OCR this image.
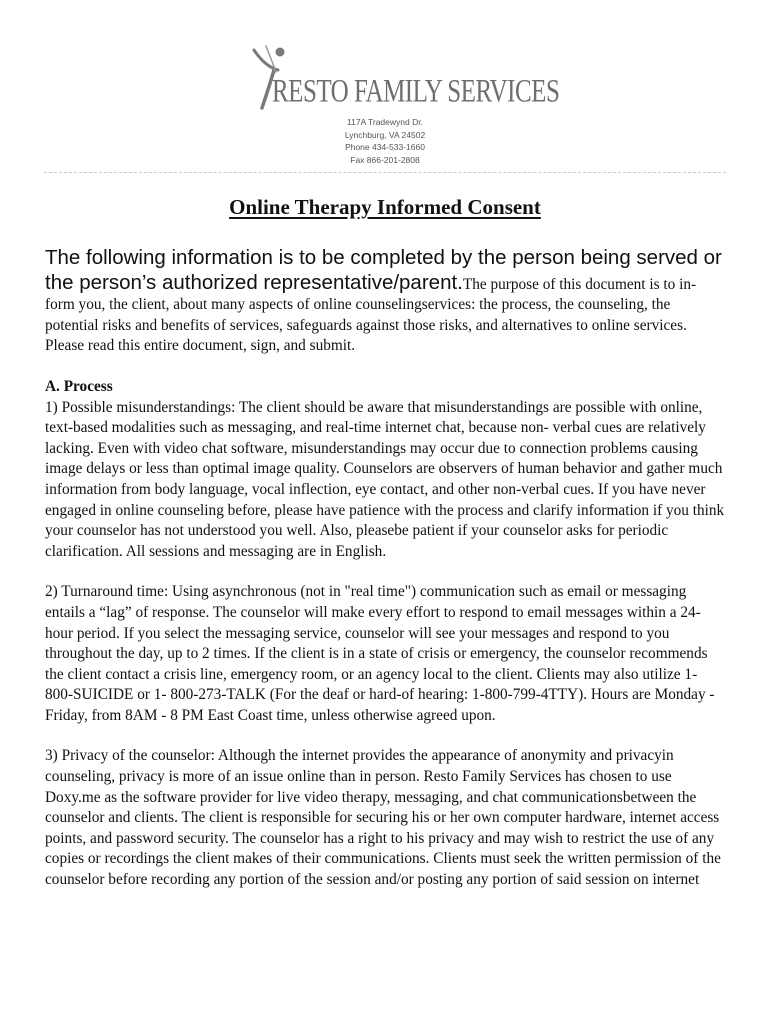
RESTO FAMILY SERVICES
117A Tradewynd Dr.
Lynchburg, VA 24502
Phone 434-533-1660
Fax 866-201-2808
Online Therapy Informed Consent

The following information is to be completed by the person being served or the person’s authorized representative/parent.The purpose of this document is to in- form you, the client, about many aspects of online counselingservices: the process, the counseling, the potential risks and benefits of services, safeguards against those risks, and alternatives to online services. Please read this entire document, sign, and submit.

A. Process

1) Possible misunderstandings: The client should be aware that misunderstandings are possible with online, text-based modalities such as messaging, and real-time internet chat, because non- verbal cues are relatively lacking. Even with video chat software, misunderstandings may occur due to connection problems causing image delays or less than optimal image quality. Counselors are observers of human behavior and gather much information from body language, vocal inflection, eye contact, and other non-verbal cues. If you have never engaged in online counseling before, please have patience with the process and clarify information if you think your counselor has not understood you well. Also, pleasebe patient if your counselor asks for periodic clarification. All sessions and messaging are in English.

2) Turnaround time: Using asynchronous (not in "real time") communication such as email or messaging entails a “lag” of response. The counselor will make every effort to respond to email messages within a 24-hour period. If you select the messaging service, counselor will see your messages and respond to you throughout the day, up to 2 times. If the client is in a state of crisis or emergency, the counselor recommends the client contact a crisis line, emergency room, or an agency local to the client. Clients may also utilize 1-800-SUICIDE or 1- 800-273-TALK (For the deaf or hard-of hearing: 1-800-799-4TTY). Hours are Monday - Friday, from 8AM - 8 PM East Coast time, unless otherwise agreed upon.

3) Privacy of the counselor: Although the internet provides the appearance of anonymity and privacyin counseling, privacy is more of an issue online than in person. Resto Family Services has chosen to use Doxy.me as the software provider for live video therapy, messaging, and chat communicationsbetween the counselor and clients. The client is responsible for securing his or her own computer hardware, internet access points, and password security. The counselor has a right to his privacy and may wish to restrict the use of any copies or recordings the client makes of their communications. Clients must seek the written permission of the counselor before recording any portion of the session and/or posting any portion of said session on internet
